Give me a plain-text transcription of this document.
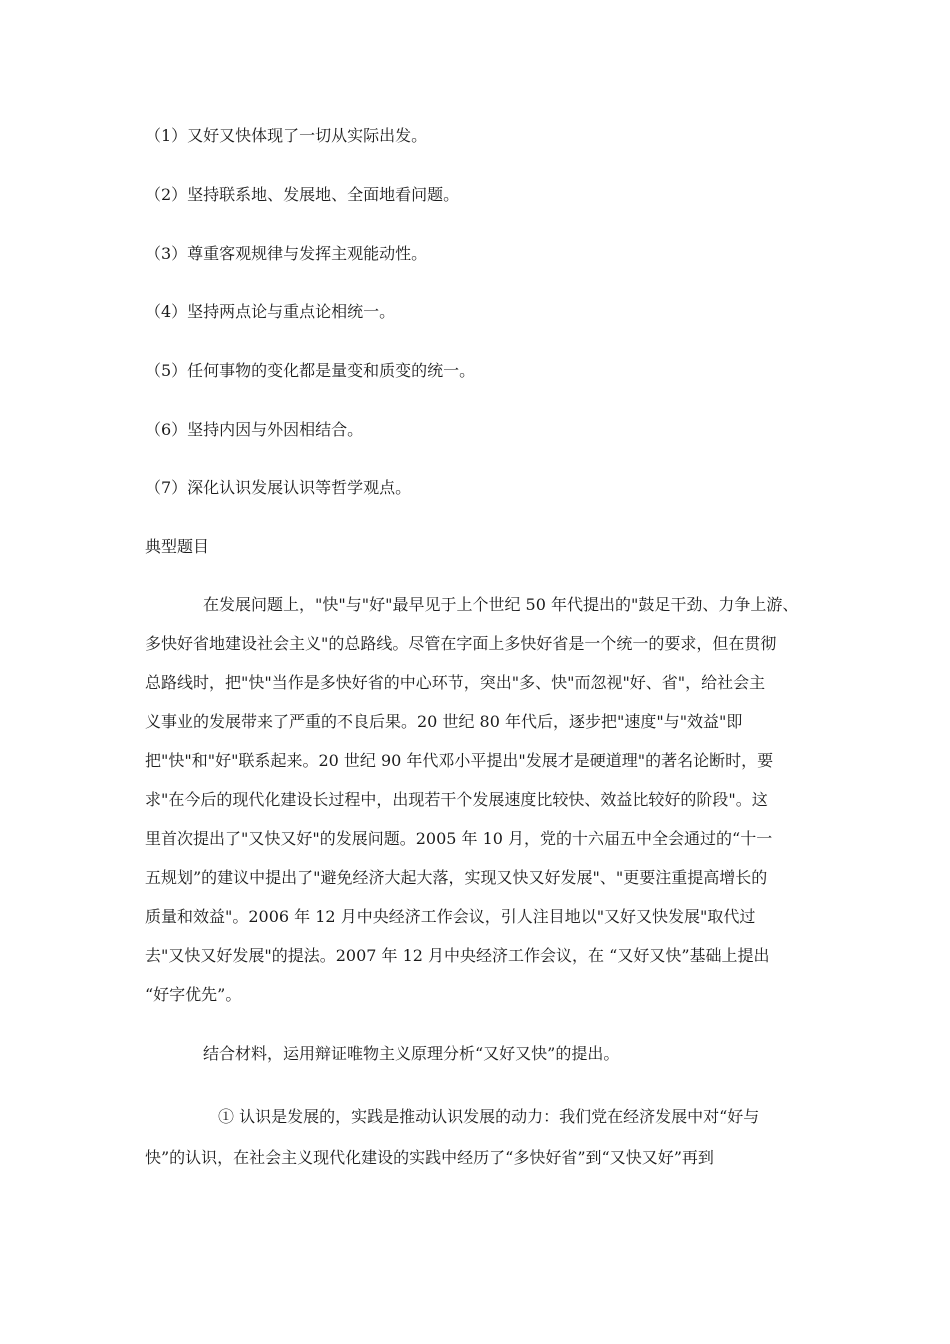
（1）又好又快体现了一切从实际出发。
（2）坚持联系地、发展地、全面地看问题。
（3）尊重客观规律与发挥主观能动性。
（4）坚持两点论与重点论相统一。
（5）任何事物的变化都是量变和质变的统一。
（6）坚持内因与外因相结合。
（7）深化认识发展认识等哲学观点。
典型题目
在发展问题上，"快"与"好"最早见于上个世纪 50 年代提出的"鼓足干劲、力争上游、
多快好省地建设社会主义"的总路线。尽管在字面上多快好省是一个统一的要求，但在贯彻
总路线时，把"快"当作是多快好省的中心环节，突出"多、快"而忽视"好、省"，给社会主
义事业的发展带来了严重的不良后果。20 世纪 80 年代后，逐步把"速度"与"效益"即
把"快"和"好"联系起来。20 世纪 90 年代邓小平提出"发展才是硬道理"的著名论断时，要
求"在今后的现代化建设长过程中，出现若干个发展速度比较快、效益比较好的阶段"。这
里首次提出了"又快又好"的发展问题。2005 年 10 月，党的十六届五中全会通过的“十一
五规划”的建议中提出了"避免经济大起大落，实现又快又好发展"、"更要注重提高增长的
质量和效益"。2006 年 12 月中央经济工作会议，引人注目地以"又好又快发展"取代过
去"又快又好发展"的提法。2007 年 12 月中央经济工作会议，在 “又好又快”基础上提出
“好字优先”。
结合材料，运用辩证唯物主义原理分析“又好又快”的提出。
① 认识是发展的，实践是推动认识发展的动力：我们党在经济发展中对“好与
快”的认识，在社会主义现代化建设的实践中经历了“多快好省”到“又快又好”再到
